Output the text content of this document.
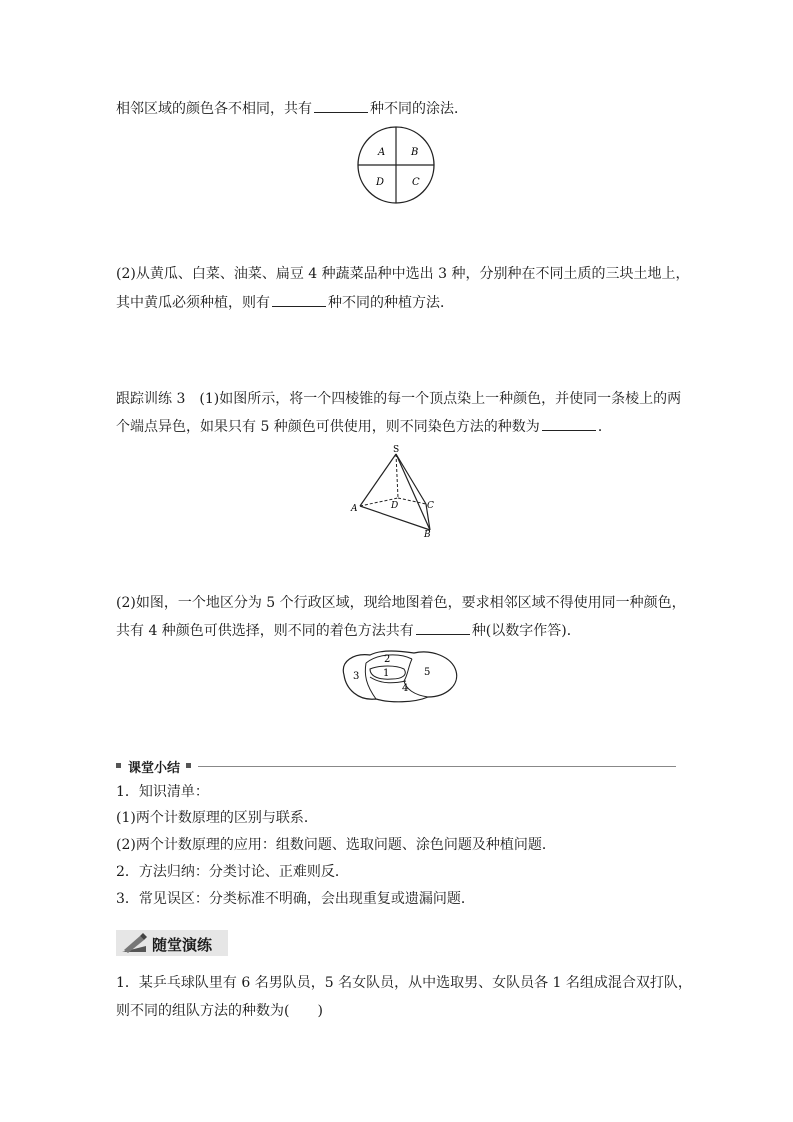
相邻区域的颜色各不相同，共有	种不同的涂法．
A	B
D	C
(2)从黄瓜、白菜、油菜、扁豆 4 种蔬菜品种中选出 3 种，分别种在不同土质的三块土地上，
其中黄瓜必须种植，则有	种不同的种植方法．
跟踪训练 3　(1)如图所示，将一个四棱锥的每一个顶点染上一种颜色，并使同一条棱上的两
个端点异色，如果只有 5 种颜色可供使用，则不同染色方法的种数为	．
S
A	D	C
B
(2)如图，一个地区分为 5 个行政区域，现给地图着色，要求相邻区域不得使用同一种颜色，
共有 4 种颜色可供选择，则不同的着色方法共有	种(以数字作答)．
2
1	5
3
4
课堂小结
1．知识清单：
(1)两个计数原理的区别与联系．
(2)两个计数原理的应用：组数问题、选取问题、涂色问题及种植问题．
2．方法归纳：分类讨论、正难则反．
3．常见误区：分类标准不明确，会出现重复或遗漏问题．
随堂演练
1．某乒乓球队里有 6 名男队员，5 名女队员，从中选取男、女队员各 1 名组成混合双打队，
则不同的组队方法的种数为(　　)
